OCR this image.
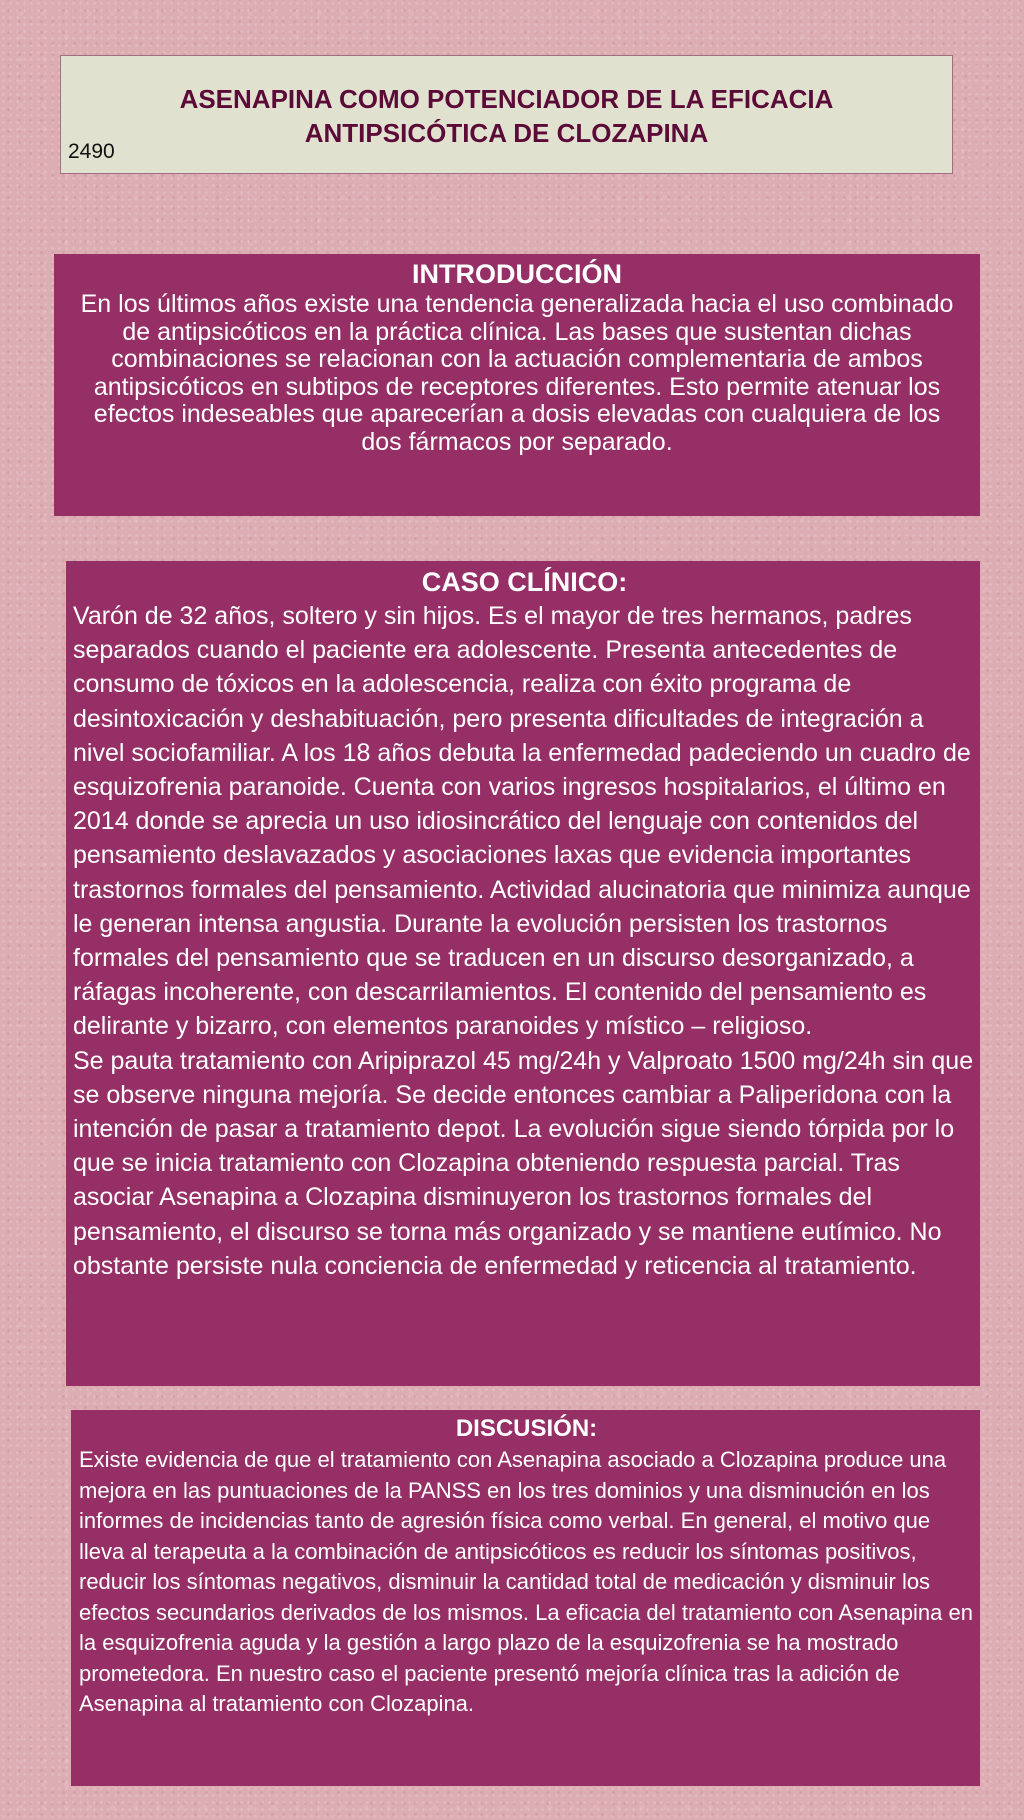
ASENAPINA COMO POTENCIADOR DE LA EFICACIA ANTIPSICÓTICA DE CLOZAPINA
2490
INTRODUCCIÓN

En los últimos años existe una tendencia generalizada hacia el uso combinado de antipsicóticos en la práctica clínica. Las bases que sustentan dichas combinaciones se relacionan con la actuación complementaria de ambos antipsicóticos en subtipos de receptores diferentes. Esto permite atenuar los efectos indeseables que aparecerían a dosis elevadas con cualquiera de los dos fármacos por separado.

CASO CLÍNICO:

Varón de 32 años, soltero y sin hijos. Es el mayor de tres hermanos, padres separados cuando el paciente era adolescente. Presenta antecedentes de consumo de tóxicos en la adolescencia, realiza con éxito programa de desintoxicación y deshabituación, pero presenta dificultades de integración a nivel sociofamiliar. A los 18 años debuta la enfermedad padeciendo un cuadro de esquizofrenia paranoide. Cuenta con varios ingresos hospitalarios, el último en 2014 donde se aprecia un uso idiosincrático del lenguaje con contenidos del pensamiento deslavazados y asociaciones laxas que evidencia importantes trastornos formales del pensamiento. Actividad alucinatoria que minimiza aunque le generan intensa angustia. Durante la evolución persisten los trastornos formales del pensamiento que se traducen en un discurso desorganizado, a ráfagas incoherente, con descarrilamientos. El contenido del pensamiento es delirante y bizarro, con elementos paranoides y místico – religioso.

Se pauta tratamiento con Aripiprazol 45 mg/24h y Valproato 1500 mg/24h sin que se observe ninguna mejoría. Se decide entonces cambiar a Paliperidona con la intención de pasar a tratamiento depot. La evolución sigue siendo tórpida por lo que se inicia tratamiento con Clozapina obteniendo respuesta parcial. Tras asociar Asenapina a Clozapina disminuyeron los trastornos formales del pensamiento, el discurso se torna más organizado y se mantiene eutímico. No obstante persiste nula conciencia de enfermedad y reticencia al tratamiento.

DISCUSIÓN:

Existe evidencia de que el tratamiento con Asenapina asociado a Clozapina produce una mejora en las puntuaciones de la PANSS en los tres dominios y una disminución en los informes de incidencias tanto de agresión física como verbal. En general, el motivo que lleva al terapeuta a la combinación de antipsicóticos es reducir los síntomas positivos, reducir los síntomas negativos, disminuir la cantidad total de medicación y disminuir los efectos secundarios derivados de los mismos. La eficacia del tratamiento con Asenapina en la esquizofrenia aguda y la gestión a largo plazo de la esquizofrenia se ha mostrado prometedora. En nuestro caso el paciente presentó mejoría clínica tras la adición de Asenapina al tratamiento con Clozapina.
